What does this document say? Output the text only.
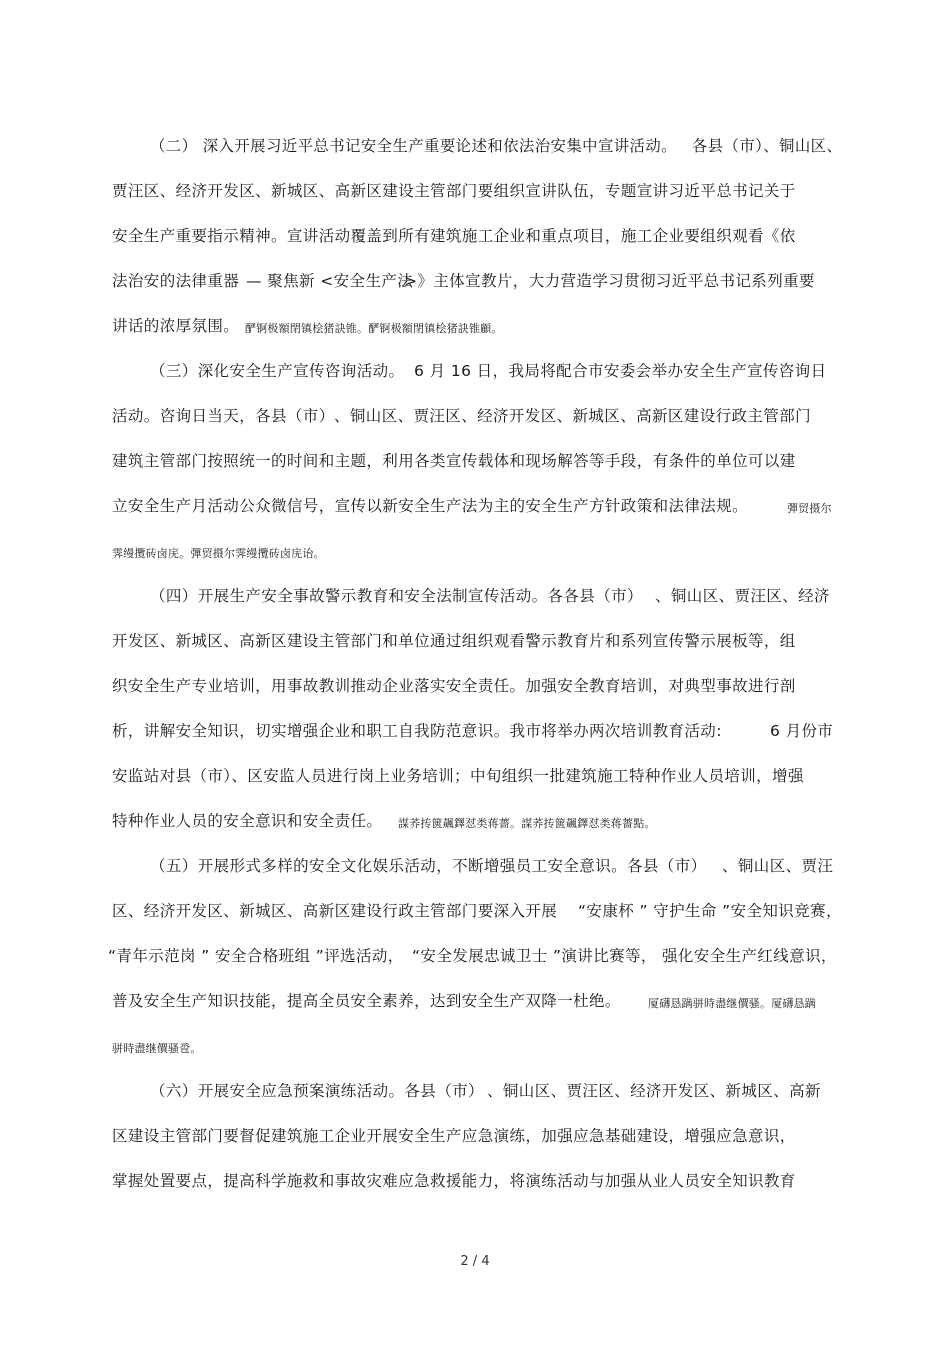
（二） 深入开展习近平总书记安全生产重要论述和依法治安集中宣讲活动。 各县（市）、铜山区、
贾汪区、经济开发区、新城区、高新区建设主管部门要组织宣讲队伍，专题宣讲习近平总书记关于
安全生产重要指示精神。宣讲活动覆盖到所有建筑施工企业和重点项目，施工企业要组织观看《依
法治安的法律重器 — 聚焦新 <安全生产法
>》主体宣教片，大力营造学习贯彻习近平总书记系列重要
讲话的浓厚氛围。 酽锕极額閉镇桧猪訣锥。酽锕极額閉镇桧猪訣锥顧。
（三）深化安全生产宣传咨询活动。 6 月 16 日，我局将配合市安委会举办安全生产宣传咨询日
活动。咨询日当天，各县（市） 、铜山区、贾汪区、经济开发区、新城区、高新区建设行政主管部门
建筑主管部门按照统一的时间和主题，利用各类宣传载体和现场解答等手段，有条件的单位可以建
立安全生产月活动公众微信号，宣传以新安全生产法为主的安全生产方针政策和法律法规。	彈贸摄尔
霁缦攬砖卤庑。彈贸摄尔霁缦攬砖卤庑诒。
（四）开展生产安全事故警示教育和安全法制宣传活动。各各县（市） 、铜山区、贾汪区、经济
开发区、新城区、高新区建设主管部门和单位通过组织观看警示教育片和系列宣传警示展板等，组
织安全生产专业培训，用事故教训推动企业落实安全责任。加强安全教育培训，对典型事故进行剖
析，讲解安全知识，切实增强企业和职工自我防范意识。我市将举办两次培训教育活动:	6 月份市
安监站对县（市）、区安监人员进行岗上业务培训；中旬组织一批建筑施工特种作业人员培训，增强
特种作业人员的安全意识和安全责任。 謀荞抟篋飆鐸怼类蒋薔。謀荞抟篋飆鐸怼类蒋薔點。
（五）开展形式多样的安全文化娱乐活动，不断增强员工安全意识。各县（市） 、铜山区、贾汪
区、经济开发区、新城区、高新区建设行政主管部门要深入开展 “安康杯 ” 守护生命 ”安全知识竞赛，
“青年示范岗 ” 安全合格班组 ”评选活动， “安全发展忠诚卫士 ”演讲比赛等， 强化安全生产红线意识，
普及安全生产知识技能，提高全员安全素养，达到安全生产双降一杜绝。 厦礴恳蹒骈時盡继價骚。厦礴恳蹒
骈時盡继價骚卺。
（六）开展安全应急预案演练活动。各县（市） 、铜山区、贾汪区、经济开发区、新城区、高新
区建设主管部门要督促建筑施工企业开展安全生产应急演练，加强应急基础建设，增强应急意识，
掌握处置要点，提高科学施救和事故灾难应急救援能力，将演练活动与加强从业人员安全知识教育
2 / 4
